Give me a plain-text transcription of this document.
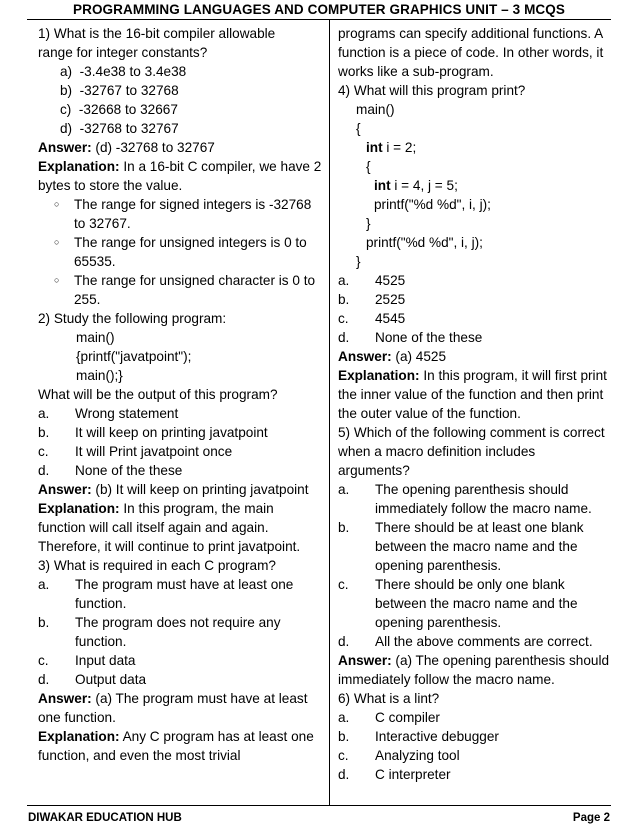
PROGRAMMING LANGUAGES AND COMPUTER GRAPHICS UNIT – 3 MCQS

1) What is the 16-bit compiler allowable

range for integer constants?

a)  -3.4e38 to 3.4e38

b)  -32767 to 32768

c)  -32668 to 32667

d)  -32768 to 32767

Answer: (d) -32768 to 32767

Explanation: In a 16-bit C compiler, we have 2 bytes to store the value.

○	The range for signed integers is -32768 to 32767.
○	The range for unsigned integers is 0 to 65535.
○	The range for unsigned character is 0 to 255.

2) Study the following program:

main()

{printf("javatpoint");

main();}

What will be the output of this program?

a.	Wrong statement
b.	It will keep on printing javatpoint
c.	It will Print javatpoint once
d.	None of the these

Answer: (b) It will keep on printing javatpoint

Explanation: In this program, the main function will call itself again and again. Therefore, it will continue to print javatpoint.

3) What is required in each C program?

a. The program must have at least one function.

b. The program does not require any function.

c.	Input data
d.	Output data

Answer: (a) The program must have at least one function.

Explanation: Any C program has at least one function, and even the most trivial

programs can specify additional functions. A function is a piece of code. In other words, it works like a sub-program.

4) What will this program print?

main()

{

int i = 2;

{

int i = 4, j = 5;

printf("%d %d", i, j);

}

printf("%d %d", i, j);

}

a.	4525
b.	2525
c.	4545
d.	None of the these

Answer: (a) 4525

Explanation: In this program, it will first print the inner value of the function and then print the outer value of the function.

5) Which of the following comment is correct when a macro definition includes arguments?

a. The opening parenthesis should immediately follow the macro name.

b. There should be at least one blank between the macro name and the opening parenthesis.

c. There should be only one blank between the macro name and the opening parenthesis.

d. All the above comments are correct.

Answer: (a) The opening parenthesis should immediately follow the macro name.

6) What is a lint?

a.	C compiler
b.	Interactive debugger
c.	Analyzing tool
d.	C interpreter
DIWAKAR EDUCATION HUB	Page 2
